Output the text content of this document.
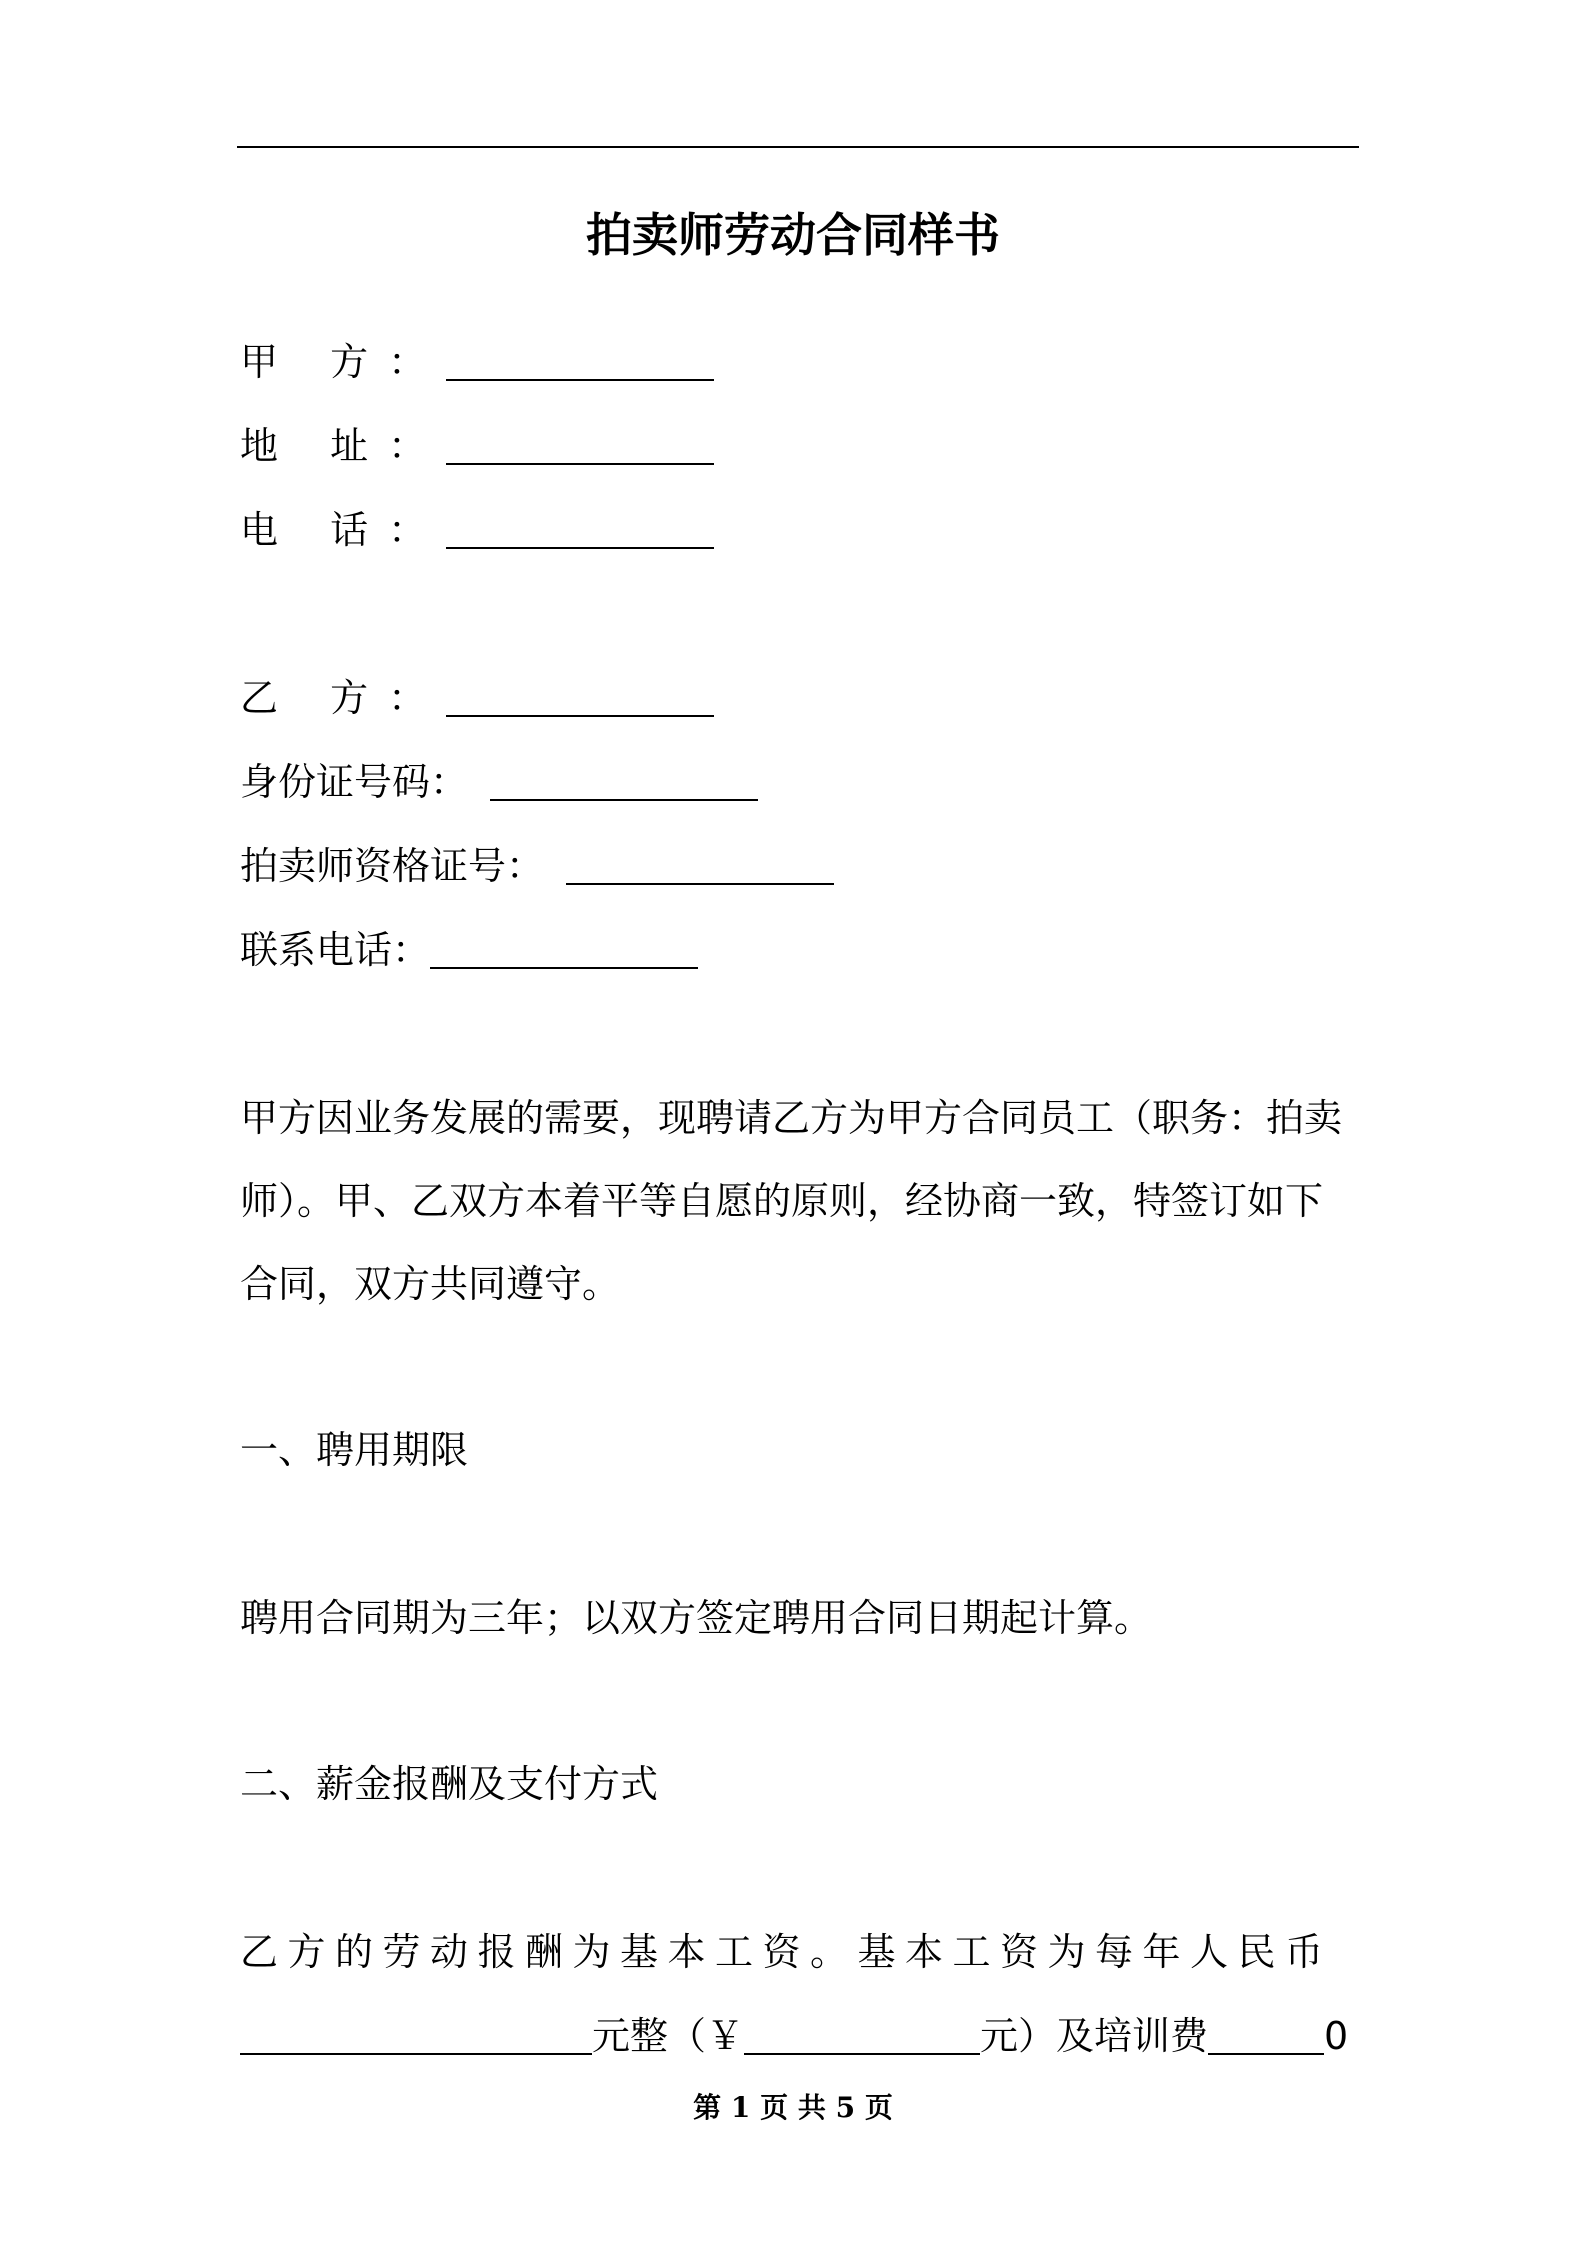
拍卖师劳动合同样书
甲 方：
地 址：
电 话：
乙 方：
身份证号码：
拍卖师资格证号：
联系电话：
甲方因业务发展的需要，现聘请乙方为甲方合同员工（职务：拍卖师）。甲、乙双方本着平等自愿的原则，经协商一致，特签订如下合同，双方共同遵守。
一、聘用期限
聘用合同期为三年；以双方签定聘用合同日期起计算。
二、薪金报酬及支付方式
乙方的劳动报酬为基本工资。基本工资为每年人民币
元整（￥	元）及培训费	0
第 1 页 共 5 页
